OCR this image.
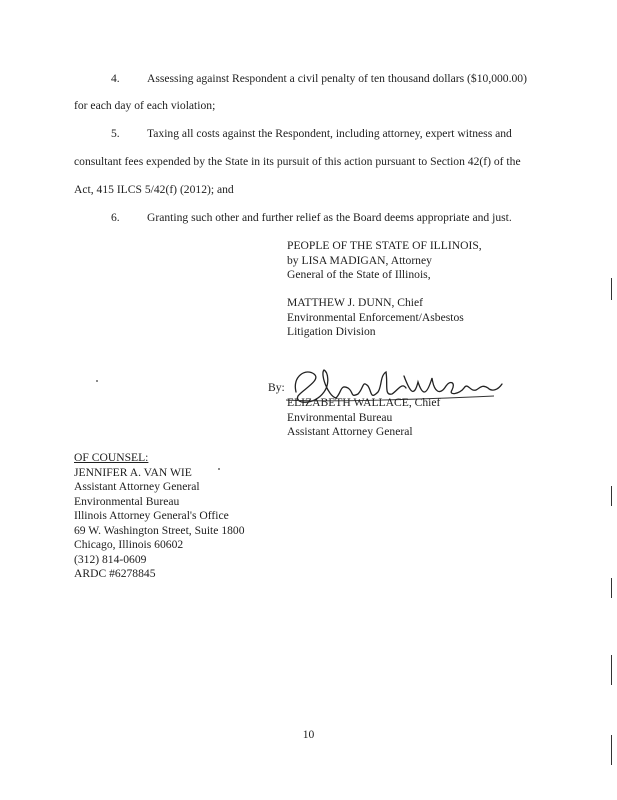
4. Assessing against Respondent a civil penalty of ten thousand dollars ($10,000.00)
for each day of each violation;
5. Taxing all costs against the Respondent, including attorney, expert witness and
consultant fees expended by the State in its pursuit of this action pursuant to Section 42(f) of the
Act, 415 ILCS 5/42(f) (2012); and
6. Granting such other and further relief as the Board deems appropriate and just.
PEOPLE OF THE STATE OF ILLINOIS,
by LISA MADIGAN, Attorney
General of the State of Illinois,
MATTHEW J. DUNN, Chief
Environmental Enforcement/Asbestos
Litigation Division
By:
ELIZABETH WALLACE, Chief
Environmental Bureau
Assistant Attorney General
OF COUNSEL:
JENNIFER A. VAN WIE
Assistant Attorney General
Environmental Bureau
Illinois Attorney General's Office
69 W. Washington Street, Suite 1800
Chicago, Illinois 60602
(312) 814-0609
ARDC #6278845
10
